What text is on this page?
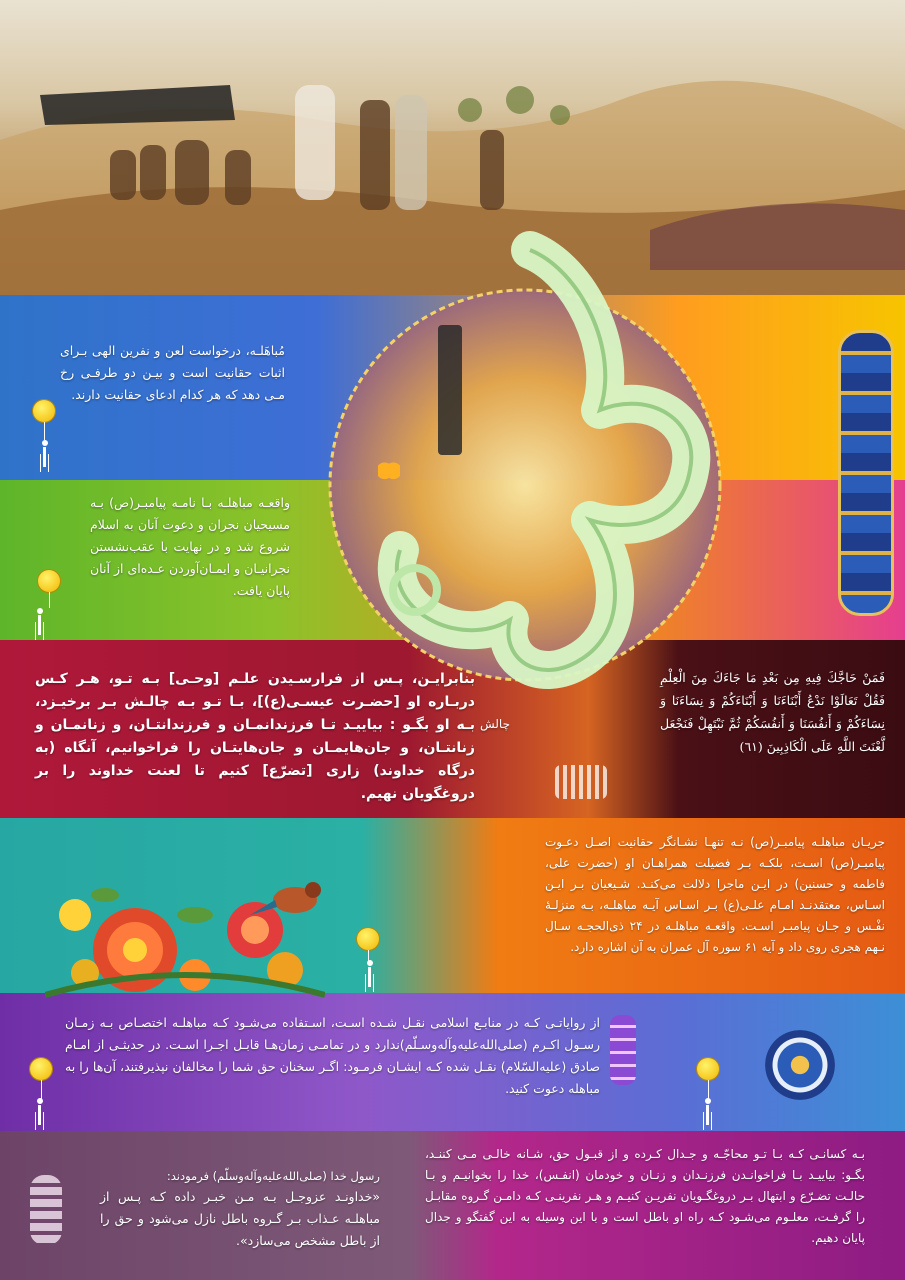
مُباهَلـه، درخواست لعن و نفرین الهی بـرای اثبات حقانیت است و بیـن دو طرفـی رخ مـی دهد که هر کدام ادعای حقانیت دارند.
واقعـه مباهلـه بـا نامـه پیامبـر(ص) بـه مسیحیان نجران و دعوت آنان به اسلام شروع شد و در نهایت با عقب‌نشستن نجرانیـان و ایمـان‌آوردن عـده‌ای از آنان پایان یافت.
بنابرایـن، پـس از فرارسـیدن علـم [وحـی] بـه تـو، هـر کـس دربـاره او [حضـرت عیسـی(ع)]، بـا تـو بـه چالـش بـر برخیـزد، بـه او بگـو : بیاییـد تـا فرزندانمـان و فرزندانتـان، و زنانمـان و زنانتـان، و جان‌هایمـان و جان‌هایتـان را فراخوانیم، آنگاه (به درگاه خداوند) زاری [تضرّع] کنیم تا لعنت خداوند را بر دروغگویان نهیم.
چالش
فَمَنْ حَاجَّكَ فِيهِ مِن بَعْدِ مَا جَاءَكَ مِنَ الْعِلْمِ فَقُلْ تَعَالَوْا نَدْعُ أَبْنَاءَنَا وَ أَبْنَاءَكُمْ وَ نِسَاءَنَا وَ نِسَاءَكُمْ وَ أَنفُسَنَا وَ أَنفُسَكُمْ ثُمَّ نَبْتَهِلْ فَنَجْعَل لَّعْنَتَ اللَّهِ عَلَى الْكَاذِبِينَ (٦١)
جریـان مباهلـه پیامبـر(ص) نـه تنهـا نشـانگر حقانیت اصـل دعـوت پیامبـر(ص) اسـت، بلکـه بـر فضیلت همراهـان او (حضرت علی، فاطمه و حسنین) در ایـن ماجرا دلالت می‌کنـد. شـیعیان بـر ایـن اسـاس، معتقدنـد امـام علـی(ع) بـر اسـاس آیـه مباهلـه، بـه منزلـهٔ نفْـس و جـان پیامبـر اسـت. واقعـه مباهلـه در ۲۴ ذی‌الحجـه سـال نـهم هجری روی داد و آیه ۶۱ سوره آل عمران به آن اشاره دارد.
از روایاتـی کـه در منابـع اسلامی نقـل شـده اسـت، اسـتفاده می‌شـود کـه مباهلـه اختصـاص بـه زمـان رسـول اکـرم (صلی‌الله‌علیه‌وآله‌وسـلّم)ندارد و در تمامـی زمان‌هـا قابـل اجـرا اسـت. در حدیثـی از امـام صادق (علیه‌السّلام) نقـل شده کـه ایشـان فرمـود: اگـر سخنان حق شما را مخالفان نپذیرفتند، آن‌ها را به مباهله دعوت کنید.
رسول خدا (صلی‌الله‌علیه‌وآله‌وسلّم) فرمودند:
«خداونـد عزوجـل بـه مـن خبـر داده کـه پـس از مباهلـه عـذاب بـر گـروه باطل نازل می‌شود و حق را از باطل مشخص می‌سازد».
بـه کسانـی کـه بـا تـو محاجّـه و جـدال کـرده و از قبـول حق، شـانه خالـی مـی کننـد، بگـو: بیاییـد بـا فراخوانـدن فرزنـدان و زنـان و خودمان (انفـس)، خدا را بخوانیـم و بـا حالـت تضـرّع و ابتهال بـر دروغگـویان نفریـن کنیـم و هـر نفرینـی کـه دامـن گـروه مقابـل را گرفـت، معلـوم می‌شـود کـه راه او باطل است و با این وسیله به این گفتگو و جدال پایان دهیم.
